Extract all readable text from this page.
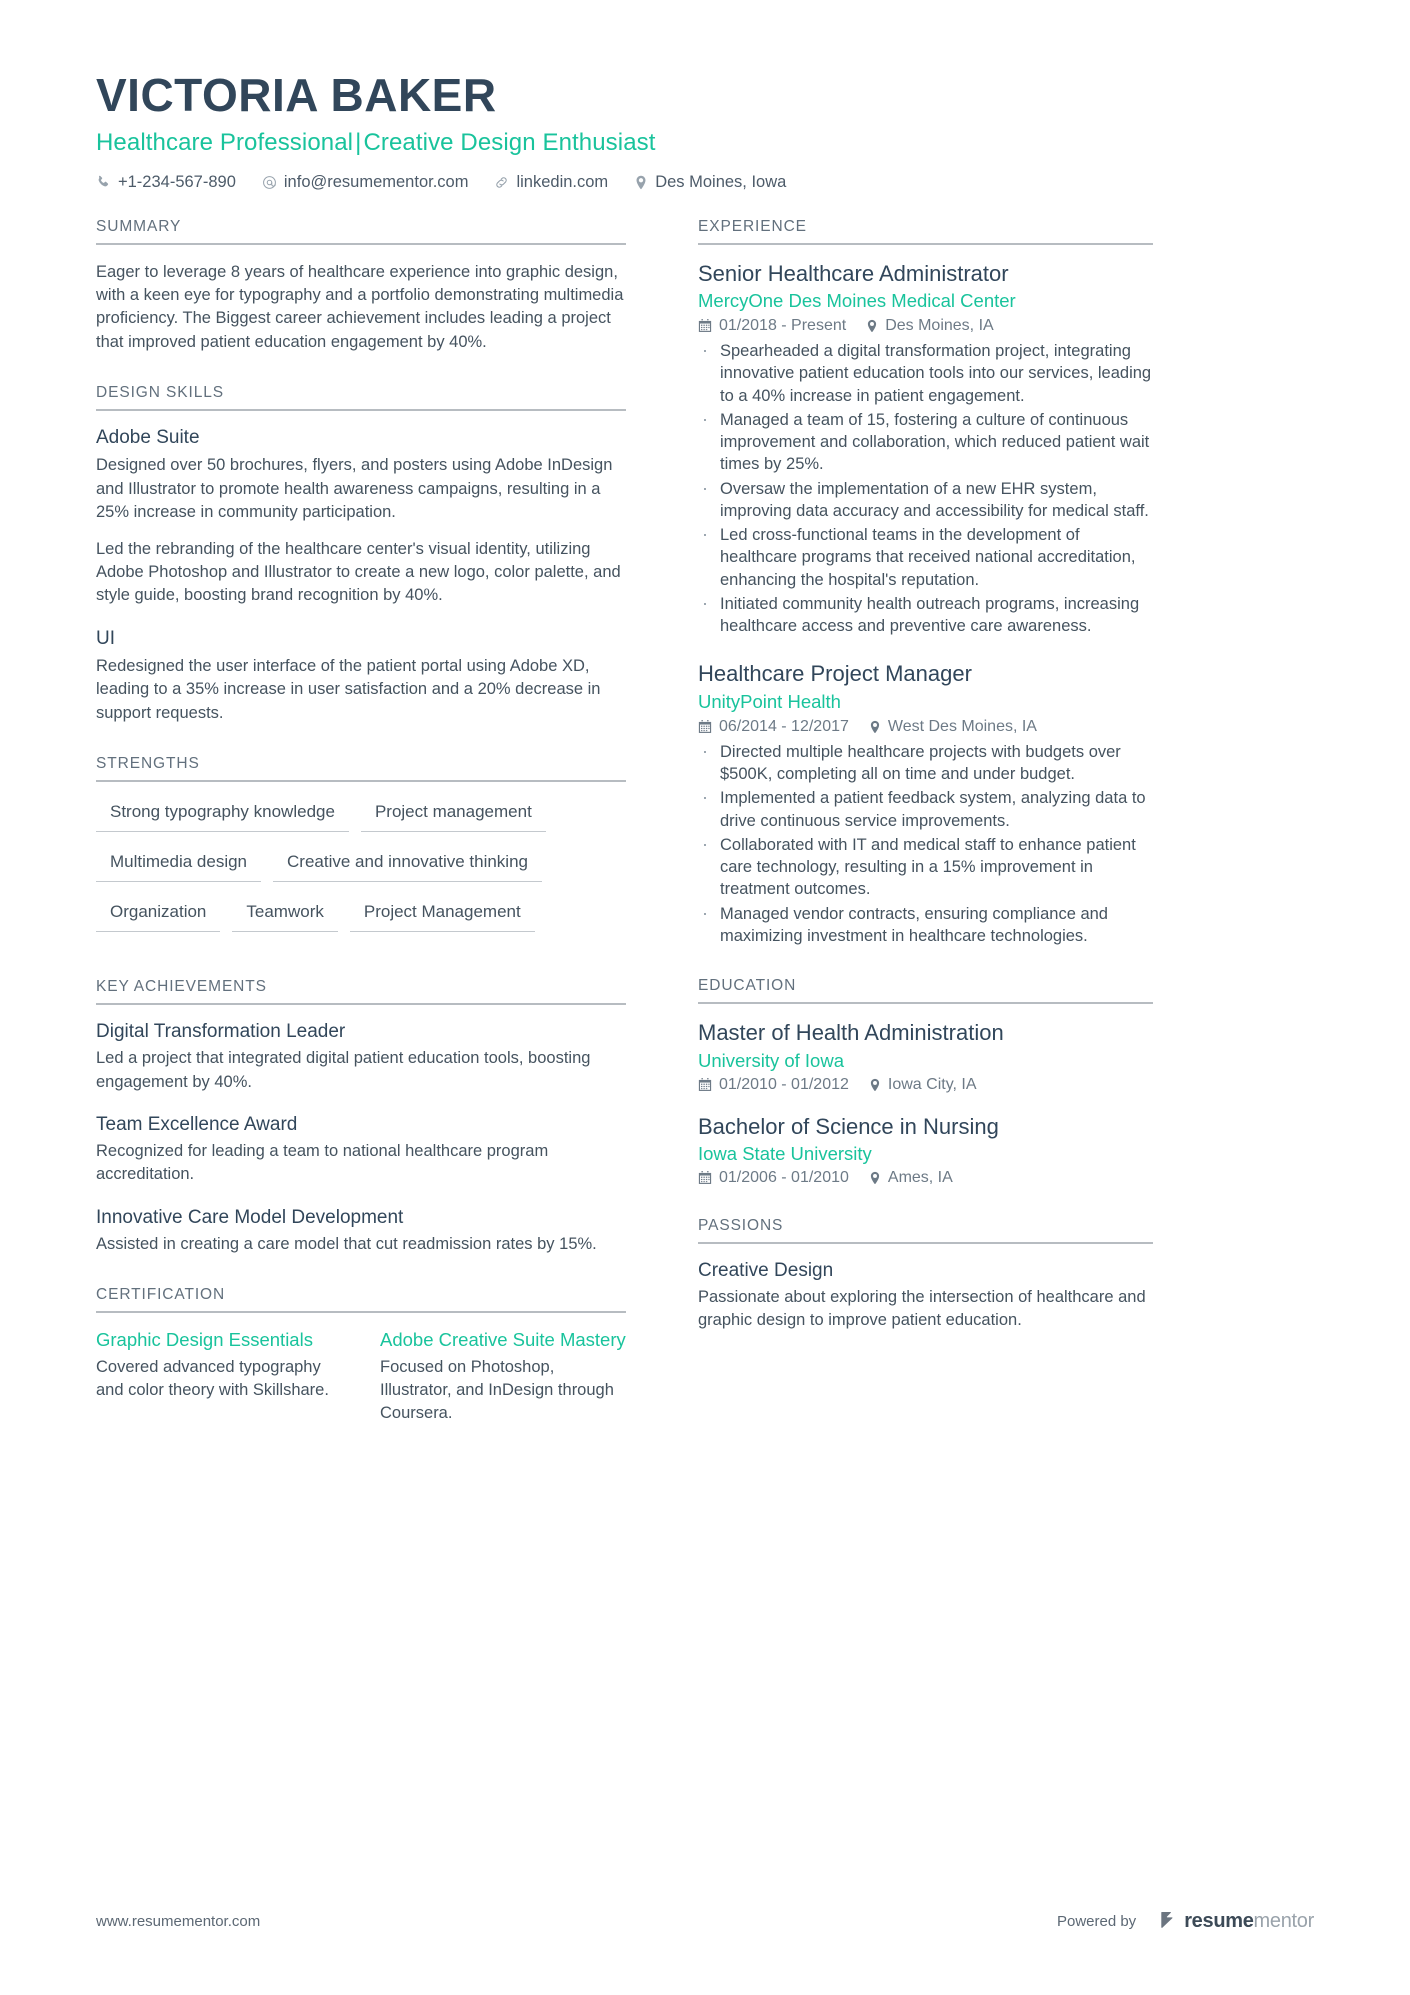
VICTORIA BAKER
Healthcare Professional|Creative Design Enthusiast
+1-234-567-890	info@resumementor.com	linkedin.com	Des Moines, Iowa
SUMMARY
Eager to leverage 8 years of healthcare experience into graphic design, with a keen eye for typography and a portfolio demonstrating multimedia proficiency. The Biggest career achievement includes leading a project that improved patient education engagement by 40%.
DESIGN SKILLS
Adobe Suite

Designed over 50 brochures, flyers, and posters using Adobe InDesign and Illustrator to promote health awareness campaigns, resulting in a 25% increase in community participation.

Led the rebranding of the healthcare center's visual identity, utilizing Adobe Photoshop and Illustrator to create a new logo, color palette, and style guide, boosting brand recognition by 40%.

UI

Redesigned the user interface of the patient portal using Adobe XD, leading to a 35% increase in user satisfaction and a 20% decrease in support requests.

STRENGTHS
Strong typography knowledge	Project management
Multimedia design	Creative and innovative thinking
Organization	Teamwork	Project Management
KEY ACHIEVEMENTS
Digital Transformation Leader
Led a project that integrated digital patient education tools, boosting engagement by 40%.
Team Excellence Award
Recognized for leading a team to national healthcare program accreditation.
Innovative Care Model Development
Assisted in creating a care model that cut readmission rates by 15%.
CERTIFICATION
Graphic Design Essentials
Covered advanced typography and color theory with Skillshare.
Adobe Creative Suite Mastery
Focused on Photoshop, Illustrator, and InDesign through Coursera.
EXPERIENCE
Senior Healthcare Administrator
MercyOne Des Moines Medical Center
01/2018 - Present Des Moines, IA
· Spearheaded a digital transformation project, integrating innovative patient education tools into our services, leading to a 40% increase in patient engagement.
· Managed a team of 15, fostering a culture of continuous improvement and collaboration, which reduced patient wait times by 25%.
· Oversaw the implementation of a new EHR system, improving data accuracy and accessibility for medical staff.
· Led cross-functional teams in the development of healthcare programs that received national accreditation, enhancing the hospital's reputation.
· Initiated community health outreach programs, increasing healthcare access and preventive care awareness.
Healthcare Project Manager
UnityPoint Health
06/2014 - 12/2017 West Des Moines, IA
· Directed multiple healthcare projects with budgets over $500K, completing all on time and under budget.
· Implemented a patient feedback system, analyzing data to drive continuous service improvements.
· Collaborated with IT and medical staff to enhance patient care technology, resulting in a 15% improvement in treatment outcomes.
· Managed vendor contracts, ensuring compliance and maximizing investment in healthcare technologies.
EDUCATION
Master of Health Administration
University of Iowa
01/2010 - 01/2012 Iowa City, IA
Bachelor of Science in Nursing
Iowa State University
01/2006 - 01/2010 Ames, IA
PASSIONS
Creative Design
Passionate about exploring the intersection of healthcare and graphic design to improve patient education.
www.resumementor.com	Powered by resume mentor
